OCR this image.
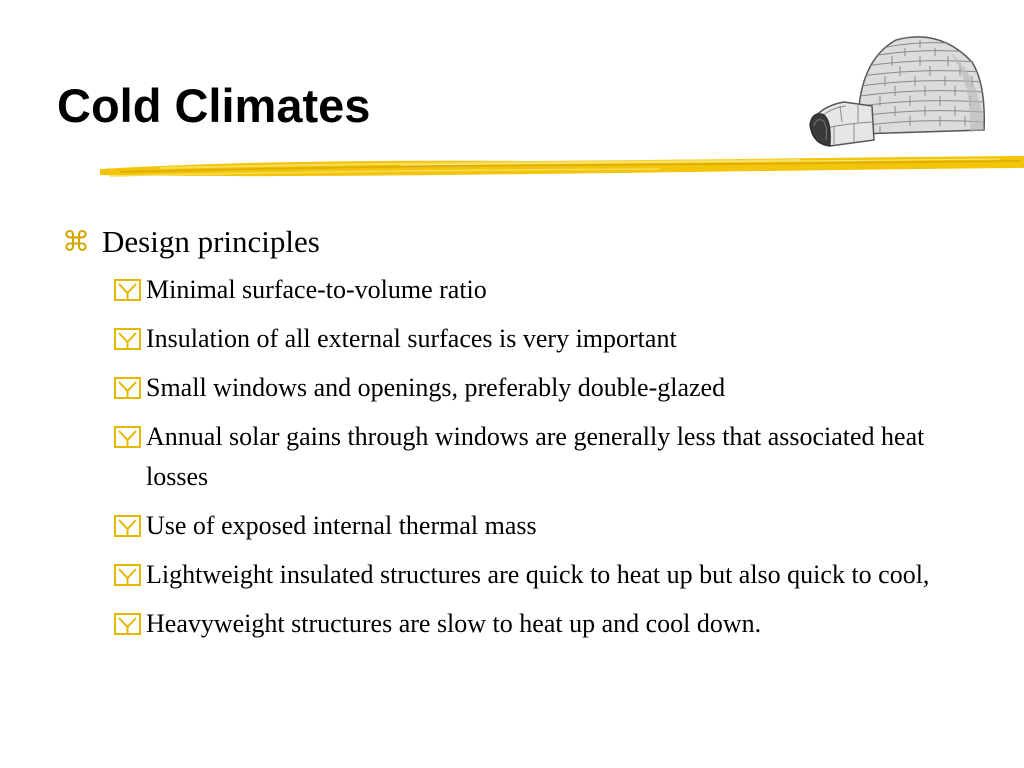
Cold Climates
⌘ Design principles
Minimal surface-to-volume ratio
Insulation of all external surfaces is very important
Small windows and openings, preferably double-glazed
Annual solar gains through windows are generally less that associated heat losses
Use of exposed internal thermal mass
Lightweight insulated structures are quick to heat up but also quick to cool,
Heavyweight structures are slow to heat up and cool down.
